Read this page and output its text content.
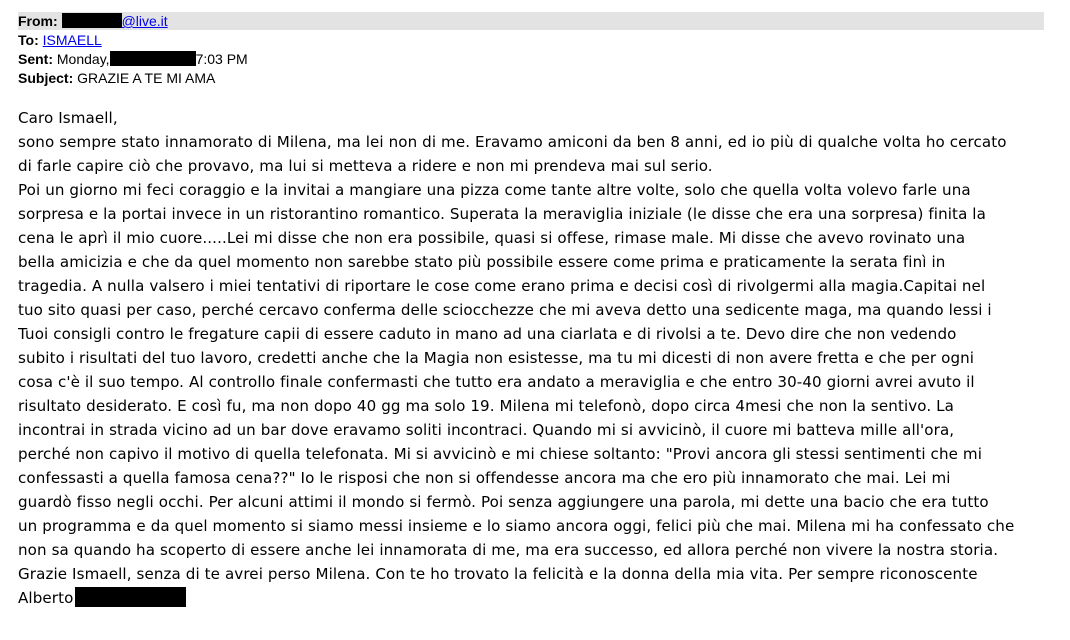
From:	@live.it
To: ISMAELL
Sent: Monday,	7:03 PM
Subject: GRAZIE A TE MI AMA
Caro Ismaell,
sono sempre stato innamorato di Milena, ma lei non di me. Eravamo amiconi da ben 8 anni, ed io più di qualche volta ho cercato
di farle capire ciò che provavo, ma lui si metteva a ridere e non mi prendeva mai sul serio.
Poi un giorno mi feci coraggio e la invitai a mangiare una pizza come tante altre volte, solo che quella volta volevo farle una
sorpresa e la portai invece in un ristorantino romantico. Superata la meraviglia iniziale (le disse che era una sorpresa) finita la
cena le aprì il mio cuore.....Lei mi disse che non era possibile, quasi si offese, rimase male. Mi disse che avevo rovinato una
bella amicizia e che da quel momento non sarebbe stato più possibile essere come prima e praticamente la serata finì in
tragedia. A nulla valsero i miei tentativi di riportare le cose come erano prima e decisi così di rivolgermi alla magia.Capitai nel
tuo sito quasi per caso, perché cercavo conferma delle sciocchezze che mi aveva detto una sedicente maga, ma quando lessi i
Tuoi consigli contro le fregature capii di essere caduto in mano ad una ciarlata e di rivolsi a te. Devo dire che non vedendo
subito i risultati del tuo lavoro, credetti anche che la Magia non esistesse, ma tu mi dicesti di non avere fretta e che per ogni
cosa c'è il suo tempo. Al controllo finale confermasti che tutto era andato a meraviglia e che entro 30-40 giorni avrei avuto il
risultato desiderato. E così fu, ma non dopo 40 gg ma solo 19. Milena mi telefonò, dopo circa 4mesi che non la sentivo. La
incontrai in strada vicino ad un bar dove eravamo soliti incontraci. Quando mi si avvicinò, il cuore mi batteva mille all'ora,
perché non capivo il motivo di quella telefonata. Mi si avvicinò e mi chiese soltanto: "Provi ancora gli stessi sentimenti che mi
confessasti a quella famosa cena??" Io le risposi che non si offendesse ancora ma che ero più innamorato che mai. Lei mi
guardò fisso negli occhi. Per alcuni attimi il mondo si fermò. Poi senza aggiungere una parola, mi dette una bacio che era tutto
un programma e da quel momento si siamo messi insieme e lo siamo ancora oggi, felici più che mai. Milena mi ha confessato che
non sa quando ha scoperto di essere anche lei innamorata di me, ma era successo, ed allora perché non vivere la nostra storia.
Grazie Ismaell, senza di te avrei perso Milena. Con te ho trovato la felicità e la donna della mia vita. Per sempre riconoscente
Alberto
